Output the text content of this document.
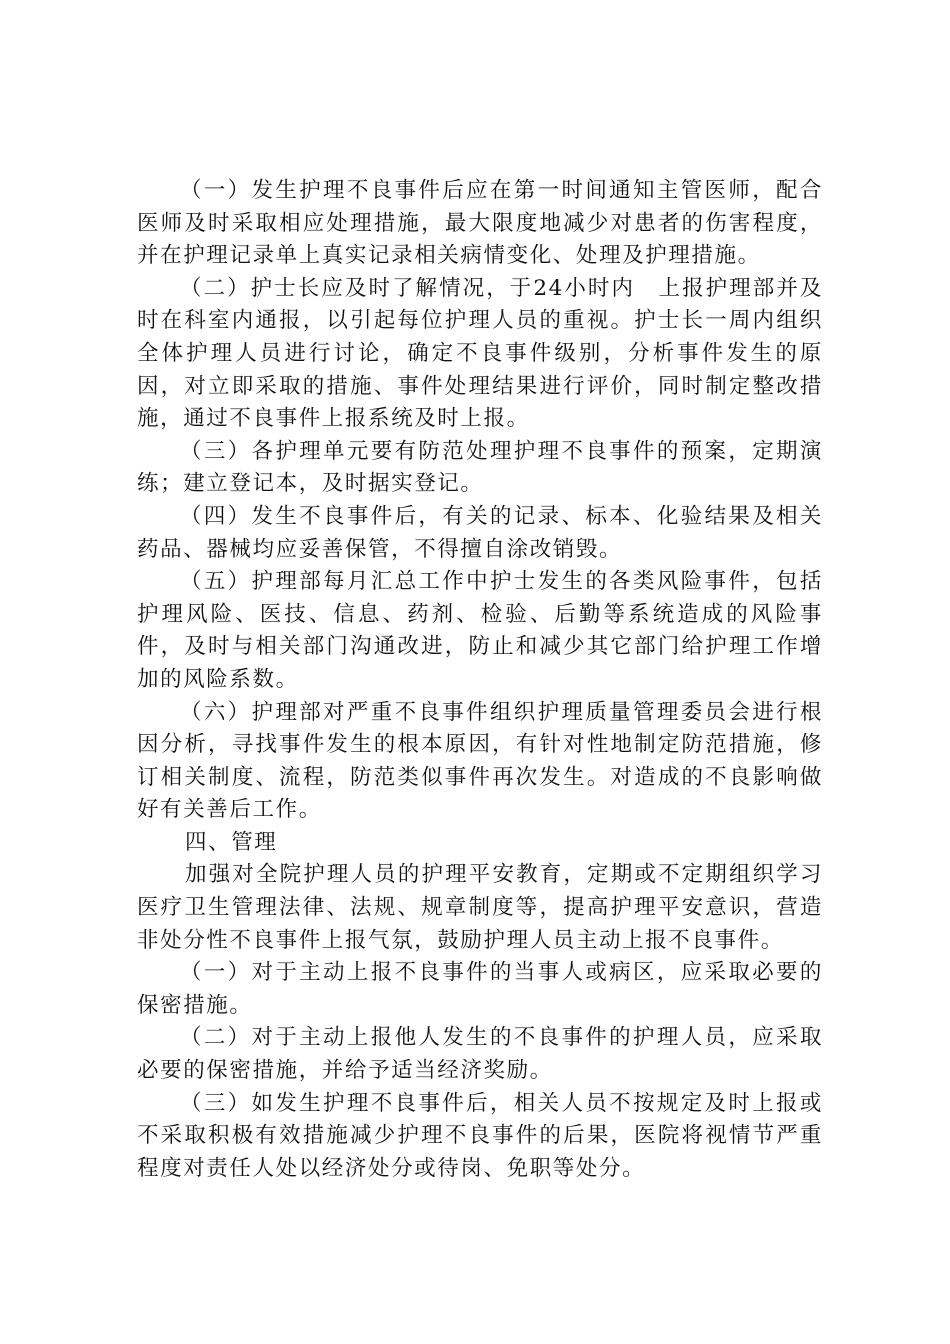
（一）发生护理不良事件后应在第一时间通知主管医师，配合医师及时采取相应处理措施，最大限度地减少对患者的伤害程度，并在护理记录单上真实记录相关病情变化、处理及护理措施。

（二）护士长应及时了解情况，于24小时内　上报护理部并及时在科室内通报，以引起每位护理人员的重视。护士长一周内组织全体护理人员进行讨论，确定不良事件级别，分析事件发生的原因，对立即采取的措施、事件处理结果进行评价，同时制定整改措施，通过不良事件上报系统及时上报。

（三）各护理单元要有防范处理护理不良事件的预案，定期演练；建立登记本，及时据实登记。

（四）发生不良事件后，有关的记录、标本、化验结果及相关药品、器械均应妥善保管，不得擅自涂改销毁。

（五）护理部每月汇总工作中护士发生的各类风险事件，包括护理风险、医技、信息、药剂、检验、后勤等系统造成的风险事件，及时与相关部门沟通改进，防止和减少其它部门给护理工作增加的风险系数。

（六）护理部对严重不良事件组织护理质量管理委员会进行根因分析，寻找事件发生的根本原因，有针对性地制定防范措施，修订相关制度、流程，防范类似事件再次发生。对造成的不良影响做好有关善后工作。

四、管理

加强对全院护理人员的护理平安教育，定期或不定期组织学习医疗卫生管理法律、法规、规章制度等，提高护理平安意识，营造非处分性不良事件上报气氛，鼓励护理人员主动上报不良事件。

（一）对于主动上报不良事件的当事人或病区，应采取必要的保密措施。

（二）对于主动上报他人发生的不良事件的护理人员，应采取必要的保密措施，并给予适当经济奖励。

（三）如发生护理不良事件后，相关人员不按规定及时上报或不采取积极有效措施减少护理不良事件的后果，医院将视情节严重程度对责任人处以经济处分或待岗、免职等处分。
